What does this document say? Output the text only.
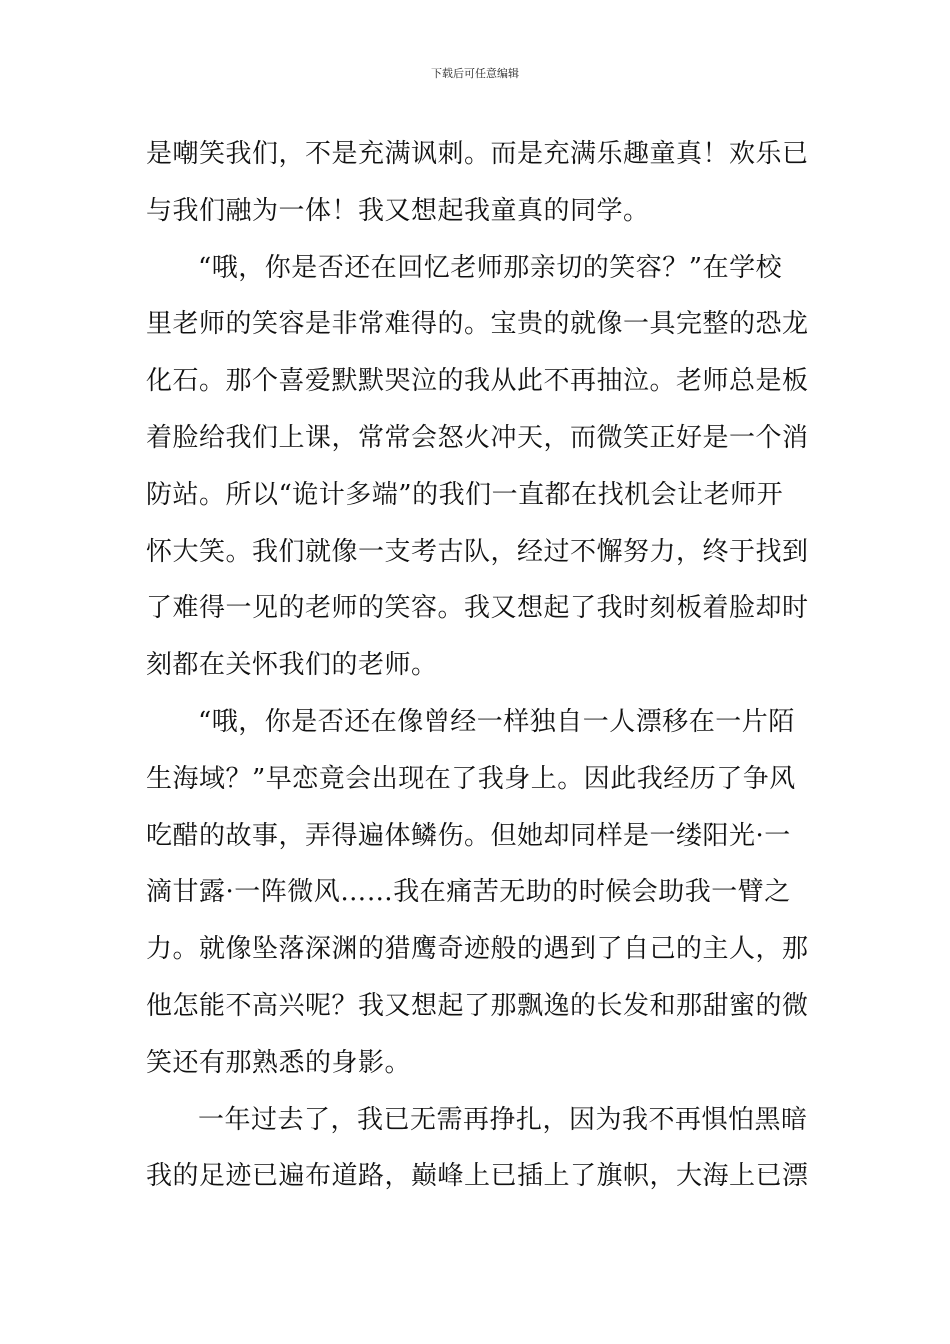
下载后可任意编辑
是嘲笑我们，不是充满讽刺。而是充满乐趣童真！欢乐已
与我们融为一体！我又想起我童真的同学。
“哦，你是否还在回忆老师那亲切的笑容？”在学校
里老师的笑容是非常难得的。宝贵的就像一具完整的恐龙
化石。那个喜爱默默哭泣的我从此不再抽泣。老师总是板
着脸给我们上课，常常会怒火冲天，而微笑正好是一个消
防站。所以“诡计多端”的我们一直都在找机会让老师开
怀大笑。我们就像一支考古队，经过不懈努力，终于找到
了难得一见的老师的笑容。我又想起了我时刻板着脸却时
刻都在关怀我们的老师。
“哦，你是否还在像曾经一样独自一人漂移在一片陌
生海域？”早恋竟会出现在了我身上。因此我经历了争风
吃醋的故事，弄得遍体鳞伤。但她却同样是一缕阳光·一
滴甘露·一阵微风……我在痛苦无助的时候会助我一臂之
力。就像坠落深渊的猎鹰奇迹般的遇到了自己的主人，那
他怎能不高兴呢？我又想起了那飘逸的长发和那甜蜜的微
笑还有那熟悉的身影。
一年过去了，我已无需再挣扎，因为我不再惧怕黑暗
我的足迹已遍布道路，巅峰上已插上了旗帜，大海上已漂
